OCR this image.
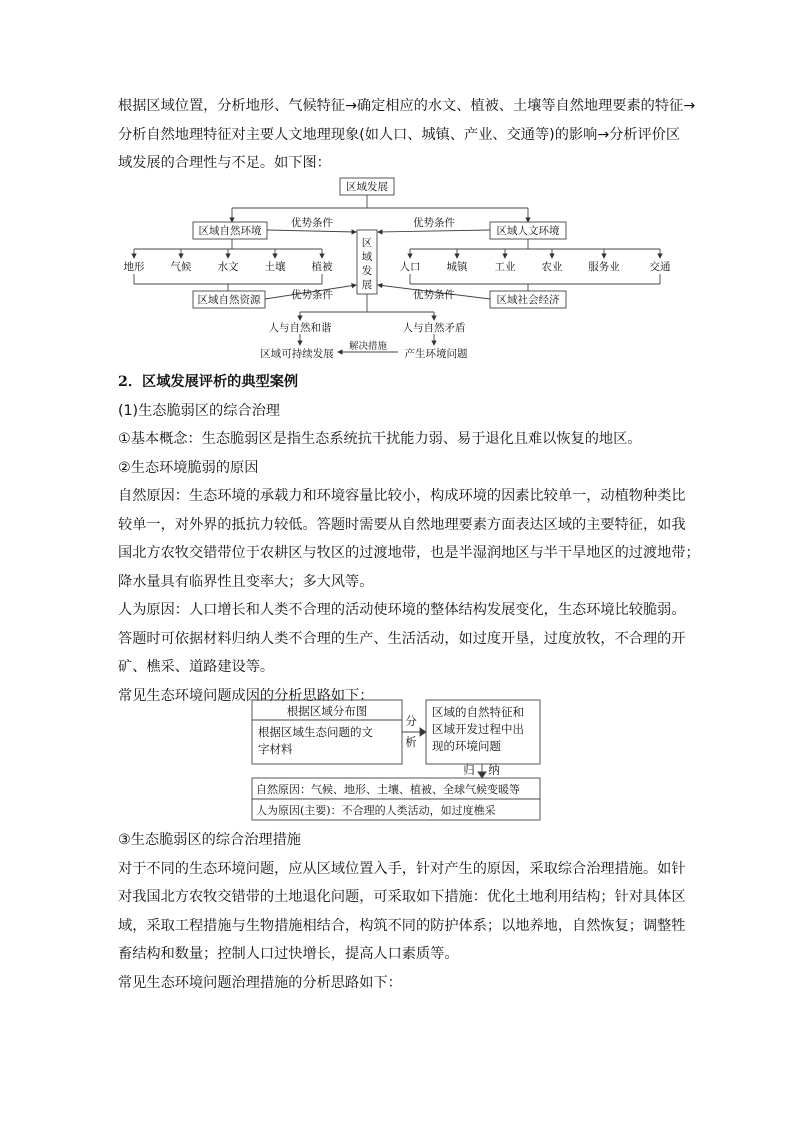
根据区域位置，分析地形、气候特征→确定相应的水文、植被、土壤等自然地理要素的特征→
分析自然地理特征对主要人文地理现象(如人口、城镇、产业、交通等)的影响→分析评价区
域发展的合理性与不足。如下图：
区域发展
区域自然环境	区域人文环境
区域自然资源	区域社会经济
区
域
发
展
优势条件	优势条件
优势条件	优势条件
地形 气候 水文 土壤 植被	人口 城镇	工业 农业 服务业	交通
人与自然和谐	人与自然矛盾
区域可持续发展	产生环境问题
解决措施
2．区域发展评析的典型案例
(1)生态脆弱区的综合治理
①基本概念：生态脆弱区是指生态系统抗干扰能力弱、易于退化且难以恢复的地区。
②生态环境脆弱的原因
自然原因：生态环境的承载力和环境容量比较小，构成环境的因素比较单一，动植物种类比
较单一，对外界的抵抗力较低。答题时需要从自然地理要素方面表达区域的主要特征，如我
国北方农牧交错带位于农耕区与牧区的过渡地带，也是半湿润地区与半干旱地区的过渡地带；
降水量具有临界性且变率大；多大风等。
人为原因：人口增长和人类不合理的活动使环境的整体结构发展变化，生态环境比较脆弱。
答题时可依据材料归纳人类不合理的生产、生活活动，如过度开垦，过度放牧，不合理的开
矿、樵采、道路建设等。
常见生态环境问题成因的分析思路如下：
根据区域分布图
根据区域生态问题的文
字材料
分
析
区域的自然特征和
区域开发过程中出
现的环境问题
归 纳
自然原因：气候、地形、土壤、植被、全球气候变暖等
人为原因(主要)：不合理的人类活动，如过度樵采
③生态脆弱区的综合治理措施
对于不同的生态环境问题，应从区域位置入手，针对产生的原因，采取综合治理措施。如针
对我国北方农牧交错带的土地退化问题，可采取如下措施：优化土地利用结构；针对具体区
域，采取工程措施与生物措施相结合，构筑不同的防护体系；以地养地，自然恢复；调整牲
畜结构和数量；控制人口过快增长，提高人口素质等。
常见生态环境问题治理措施的分析思路如下：
